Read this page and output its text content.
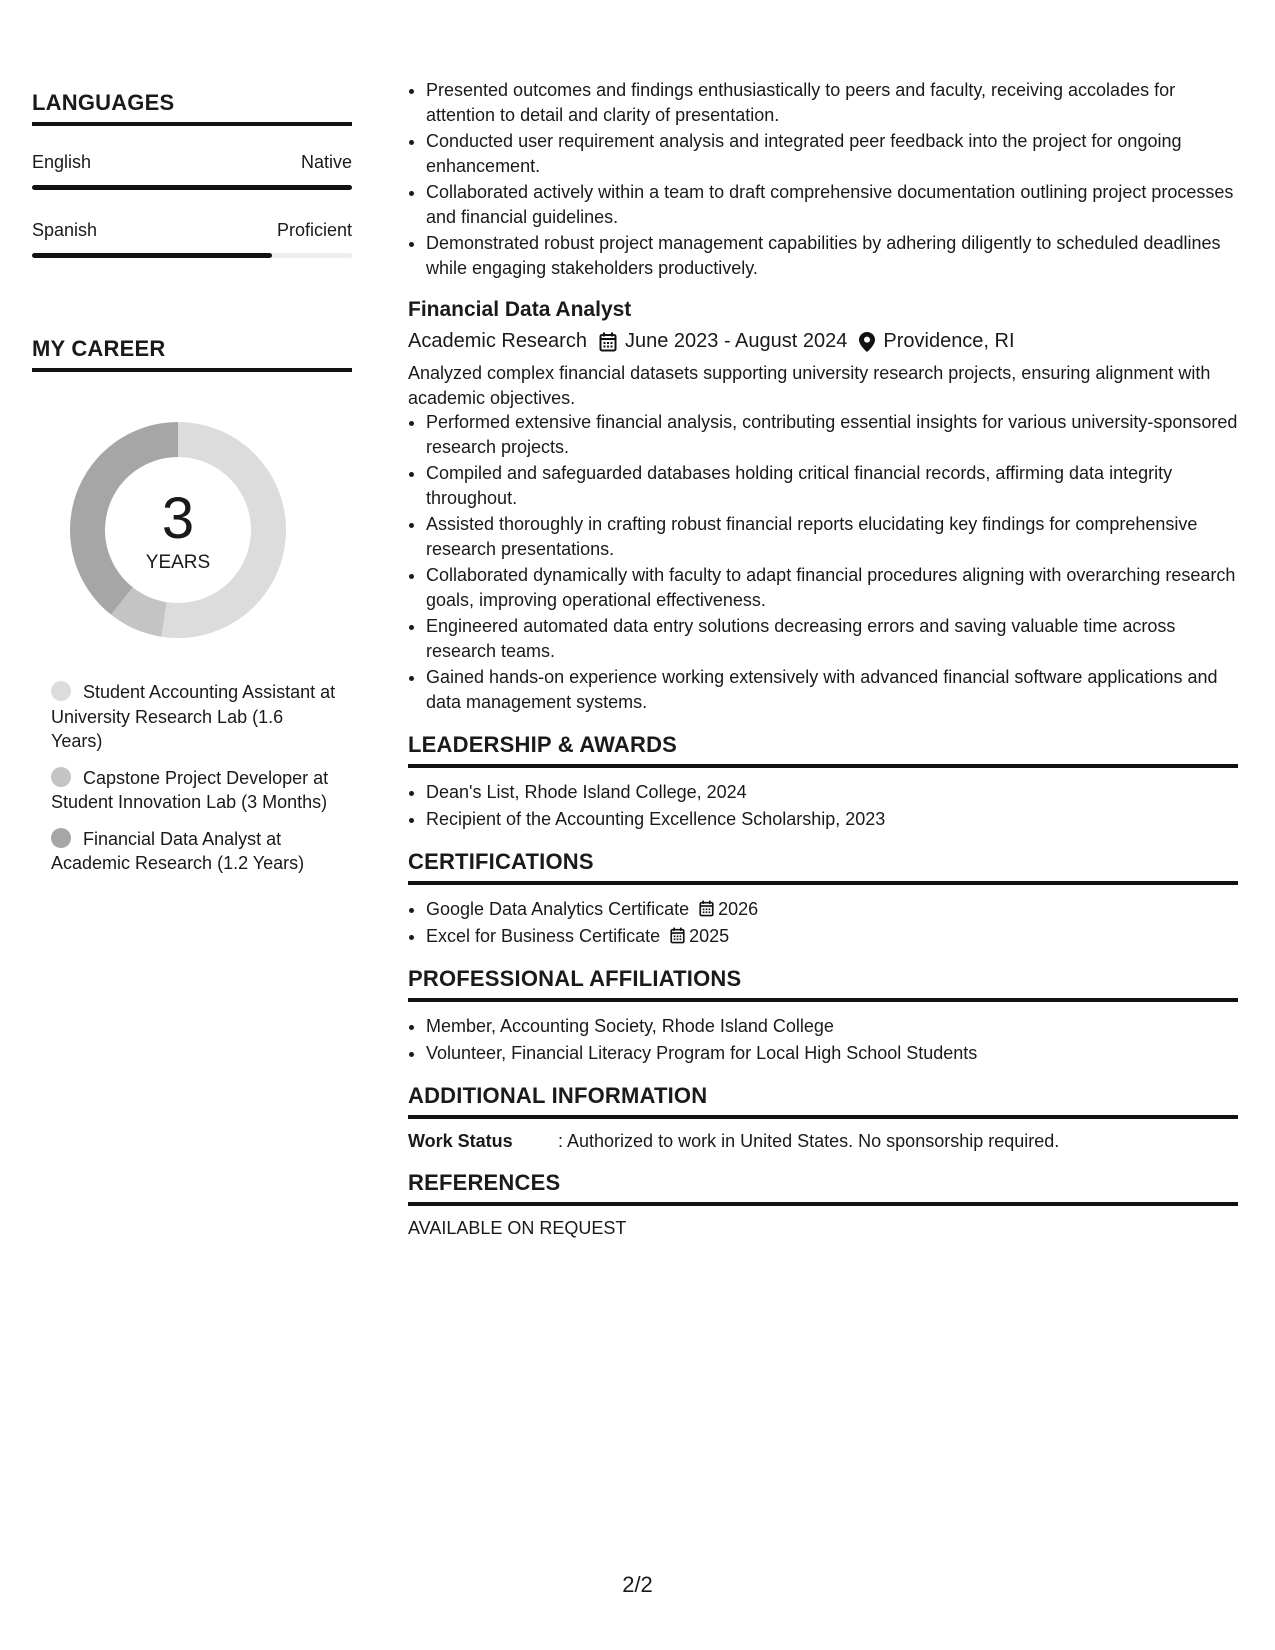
LANGUAGES
English	Native
Spanish	Proficient
MY CAREER
3
YEARS
Student Accounting Assistant at University Research Lab (1.6 Years)
Capstone Project Developer at Student Innovation Lab (3 Months)
Financial Data Analyst at Academic Research (1.2 Years)
• Presented outcomes and findings enthusiastically to peers and faculty, receiving accolades for attention to detail and clarity of presentation.
• Conducted user requirement analysis and integrated peer feedback into the project for ongoing enhancement.
• Collaborated actively within a team to draft comprehensive documentation outlining project processes and financial guidelines.
• Demonstrated robust project management capabilities by adhering diligently to scheduled deadlines while engaging stakeholders productively.
Financial Data Analyst
Academic Research June 2023 - August 2024 Providence, RI
Analyzed complex financial datasets supporting university research projects, ensuring alignment with academic objectives.
• Performed extensive financial analysis, contributing essential insights for various university-sponsored research projects.
• Compiled and safeguarded databases holding critical financial records, affirming data integrity throughout.
• Assisted thoroughly in crafting robust financial reports elucidating key findings for comprehensive research presentations.
• Collaborated dynamically with faculty to adapt financial procedures aligning with overarching research goals, improving operational effectiveness.
• Engineered automated data entry solutions decreasing errors and saving valuable time across research teams.
• Gained hands-on experience working extensively with advanced financial software applications and data management systems.
LEADERSHIP & AWARDS
• Dean's List, Rhode Island College, 2024
• Recipient of the Accounting Excellence Scholarship, 2023
CERTIFICATIONS
• Google Data Analytics Certificate 2026
• Excel for Business Certificate 2025
PROFESSIONAL AFFILIATIONS
• Member, Accounting Society, Rhode Island College
• Volunteer, Financial Literacy Program for Local High School Students
ADDITIONAL INFORMATION
Work Status	: Authorized to work in United States. No sponsorship required.
REFERENCES
AVAILABLE ON REQUEST
2/2
